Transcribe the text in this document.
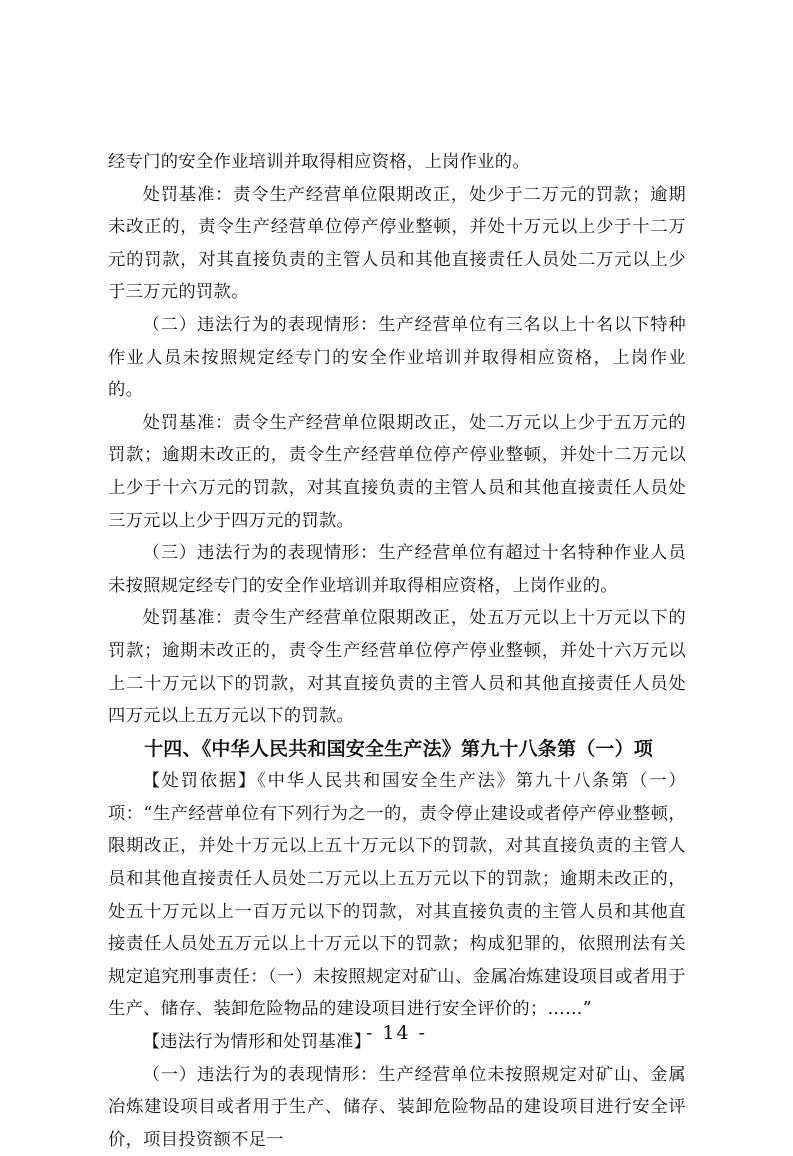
经专门的安全作业培训并取得相应资格，上岗作业的。

处罚基准：责令生产经营单位限期改正，处少于二万元的罚款；逾期未改正的，责令生产经营单位停产停业整顿，并处十万元以上少于十二万元的罚款，对其直接负责的主管人员和其他直接责任人员处二万元以上少于三万元的罚款。

（二）违法行为的表现情形：生产经营单位有三名以上十名以下特种作业人员未按照规定经专门的安全作业培训并取得相应资格，上岗作业的。

处罚基准：责令生产经营单位限期改正，处二万元以上少于五万元的罚款；逾期未改正的，责令生产经营单位停产停业整顿，并处十二万元以上少于十六万元的罚款，对其直接负责的主管人员和其他直接责任人员处三万元以上少于四万元的罚款。

（三）违法行为的表现情形：生产经营单位有超过十名特种作业人员未按照规定经专门的安全作业培训并取得相应资格，上岗作业的。

处罚基准：责令生产经营单位限期改正，处五万元以上十万元以下的罚款；逾期未改正的，责令生产经营单位停产停业整顿，并处十六万元以上二十万元以下的罚款，对其直接负责的主管人员和其他直接责任人员处四万元以上五万元以下的罚款。

十四、《中华人民共和国安全生产法》第九十八条第（一）项

【处罚依据】《中华人民共和国安全生产法》第九十八条第（一）项：“生产经营单位有下列行为之一的，责令停止建设或者停产停业整顿，限期改正，并处十万元以上五十万元以下的罚款，对其直接负责的主管人员和其他直接责任人员处二万元以上五万元以下的罚款；逾期未改正的，处五十万元以上一百万元以下的罚款，对其直接负责的主管人员和其他直接责任人员处五万元以上十万元以下的罚款；构成犯罪的，依照刑法有关规定追究刑事责任：（一）未按照规定对矿山、金属冶炼建设项目或者用于生产、储存、装卸危险物品的建设项目进行安全评价的；……”

【违法行为情形和处罚基准】

（一）违法行为的表现情形：生产经营单位未按照规定对矿山、金属冶炼建设项目或者用于生产、储存、装卸危险物品的建设项目进行安全评价，项目投资额不足一

- 14 -
